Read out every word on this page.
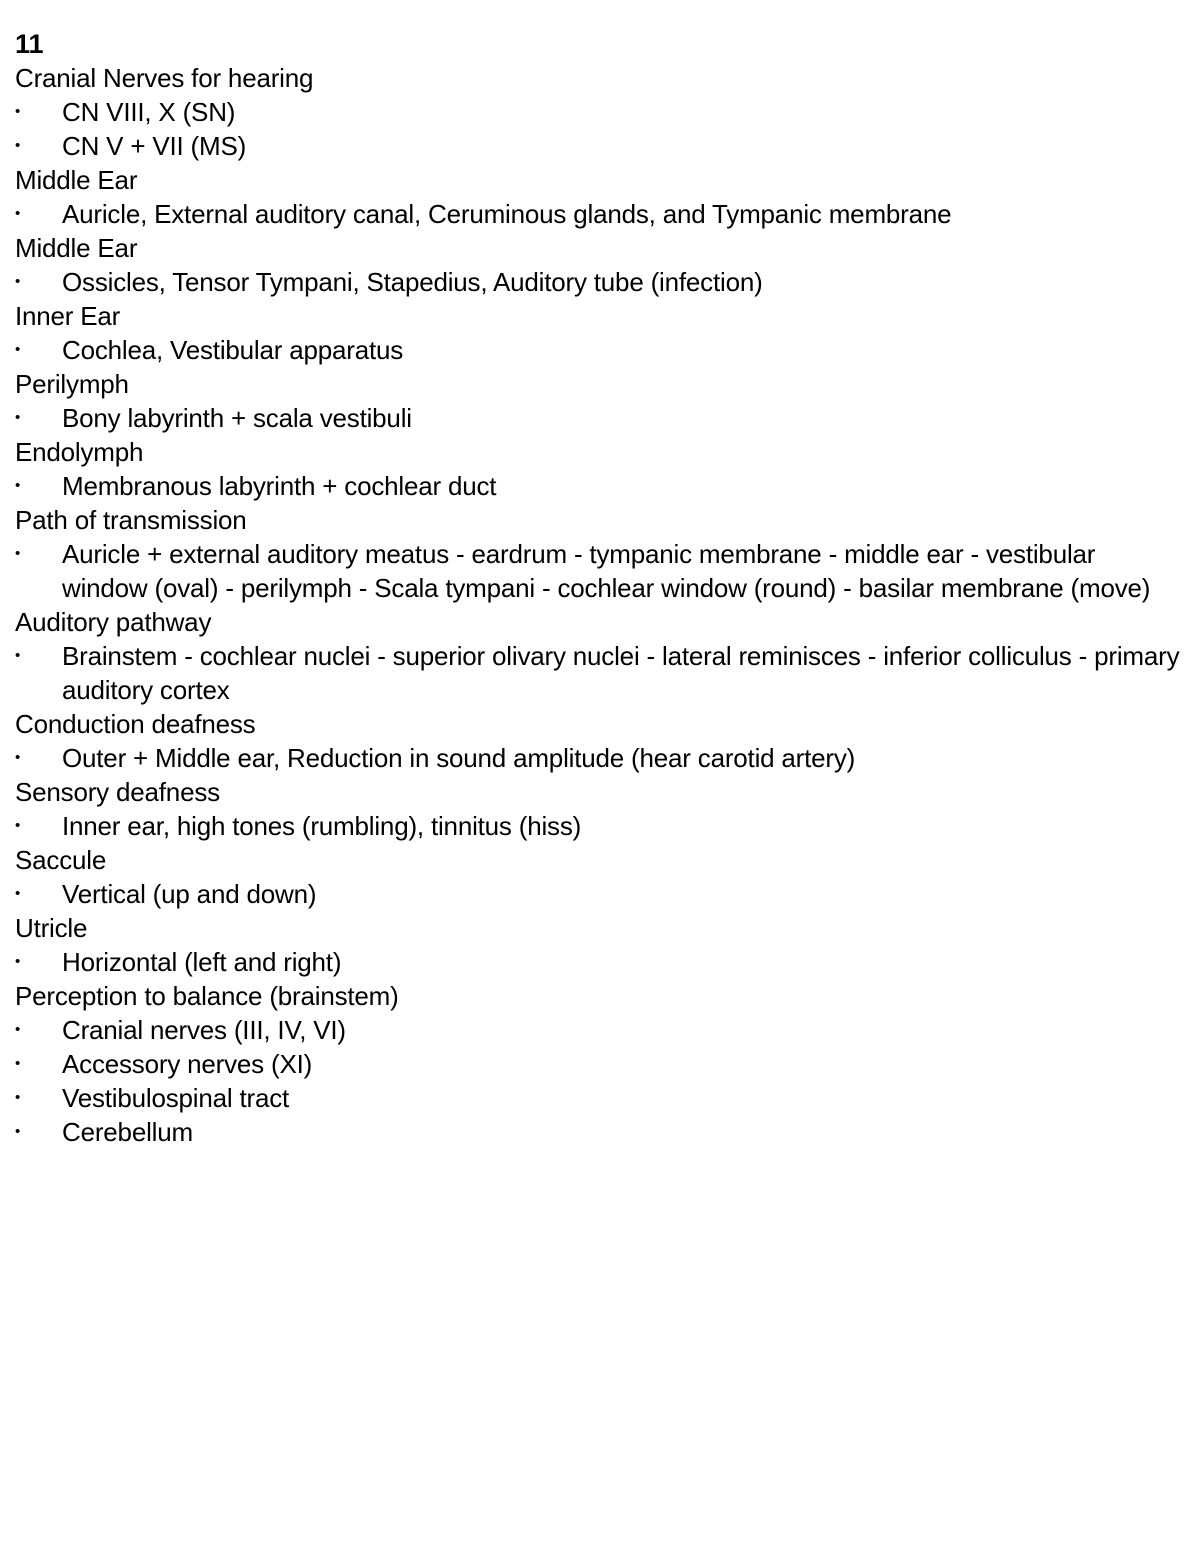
11
Cranial Nerves for hearing
• CN VIII, X (SN)
• CN V + VII (MS)
Middle Ear
• Auricle, External auditory canal, Ceruminous glands, and Tympanic membrane
Middle Ear
• Ossicles, Tensor Tympani, Stapedius, Auditory tube (infection)
Inner Ear
• Cochlea, Vestibular apparatus
Perilymph
• Bony labyrinth + scala vestibuli
Endolymph
• Membranous labyrinth + cochlear duct
Path of transmission
• Auricle + external auditory meatus - eardrum - tympanic membrane - middle ear - vestibular window (oval) - perilymph - Scala tympani - cochlear window (round) - basilar membrane (move)
Auditory pathway
• Brainstem - cochlear nuclei - superior olivary nuclei - lateral reminisces - inferior colliculus - primary auditory cortex
Conduction deafness
• Outer + Middle ear, Reduction in sound amplitude (hear carotid artery)
Sensory deafness
• Inner ear, high tones (rumbling), tinnitus (hiss)
Saccule
• Vertical (up and down)
Utricle
• Horizontal (left and right)
Perception to balance (brainstem)
• Cranial nerves (III, IV, VI)
• Accessory nerves (XI)
• Vestibulospinal tract
• Cerebellum
